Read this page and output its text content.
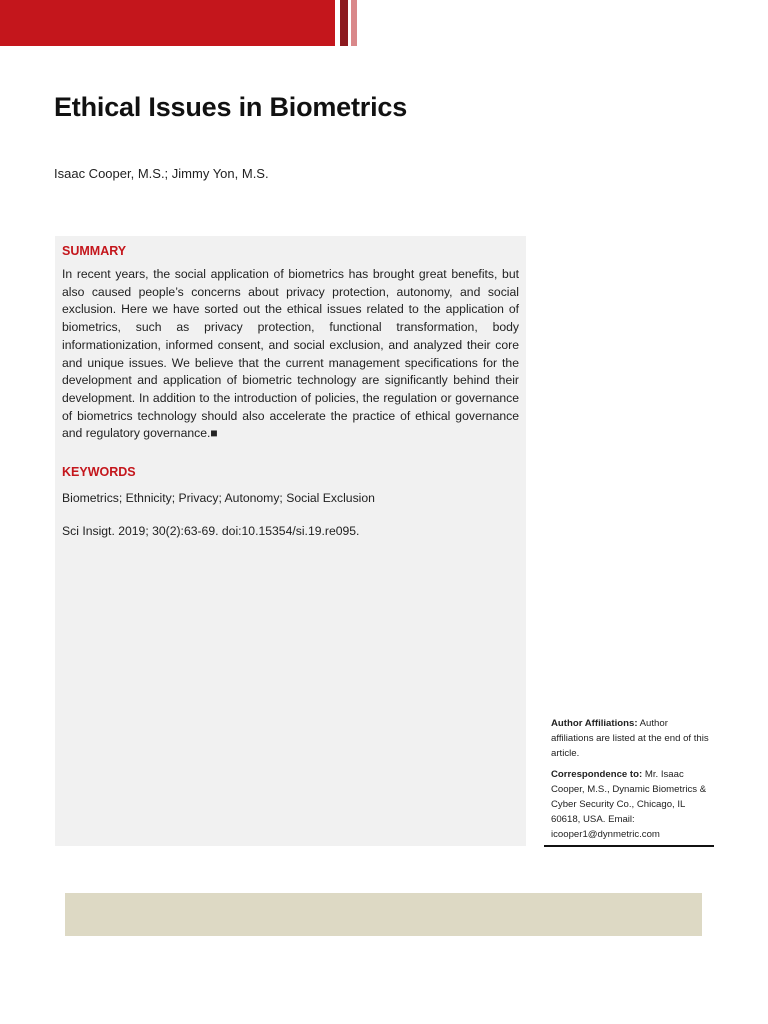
Ethical Issues in Biometrics
Isaac Cooper, M.S.; Jimmy Yon, M.S.
SUMMARY

In recent years, the social application of biometrics has brought great benefits, but also caused people’s concerns about privacy protection, autonomy, and social exclusion. Here we have sorted out the ethical issues related to the application of biometrics, such as privacy protection, functional transformation, body informationization, informed consent, and social exclusion, and analyzed their core and unique issues. We believe that the current management specifications for the development and application of biometric technology are significantly behind their development. In addition to the introduction of policies, the regulation or governance of biometrics technology should also accelerate the practice of ethical governance and regulatory governance.■

KEYWORDS
Biometrics; Ethnicity; Privacy; Autonomy; Social Exclusion
Sci Insigt. 2019; 30(2):63-69. doi:10.15354/si.19.re095.
Author Affiliations: Author affiliations are listed at the end of this article.
Correspondence to: Mr. Isaac Cooper, M.S., Dynamic Biometrics & Cyber Security Co., Chicago, IL 60618, USA. Email: icooper1@dynmetric.com
